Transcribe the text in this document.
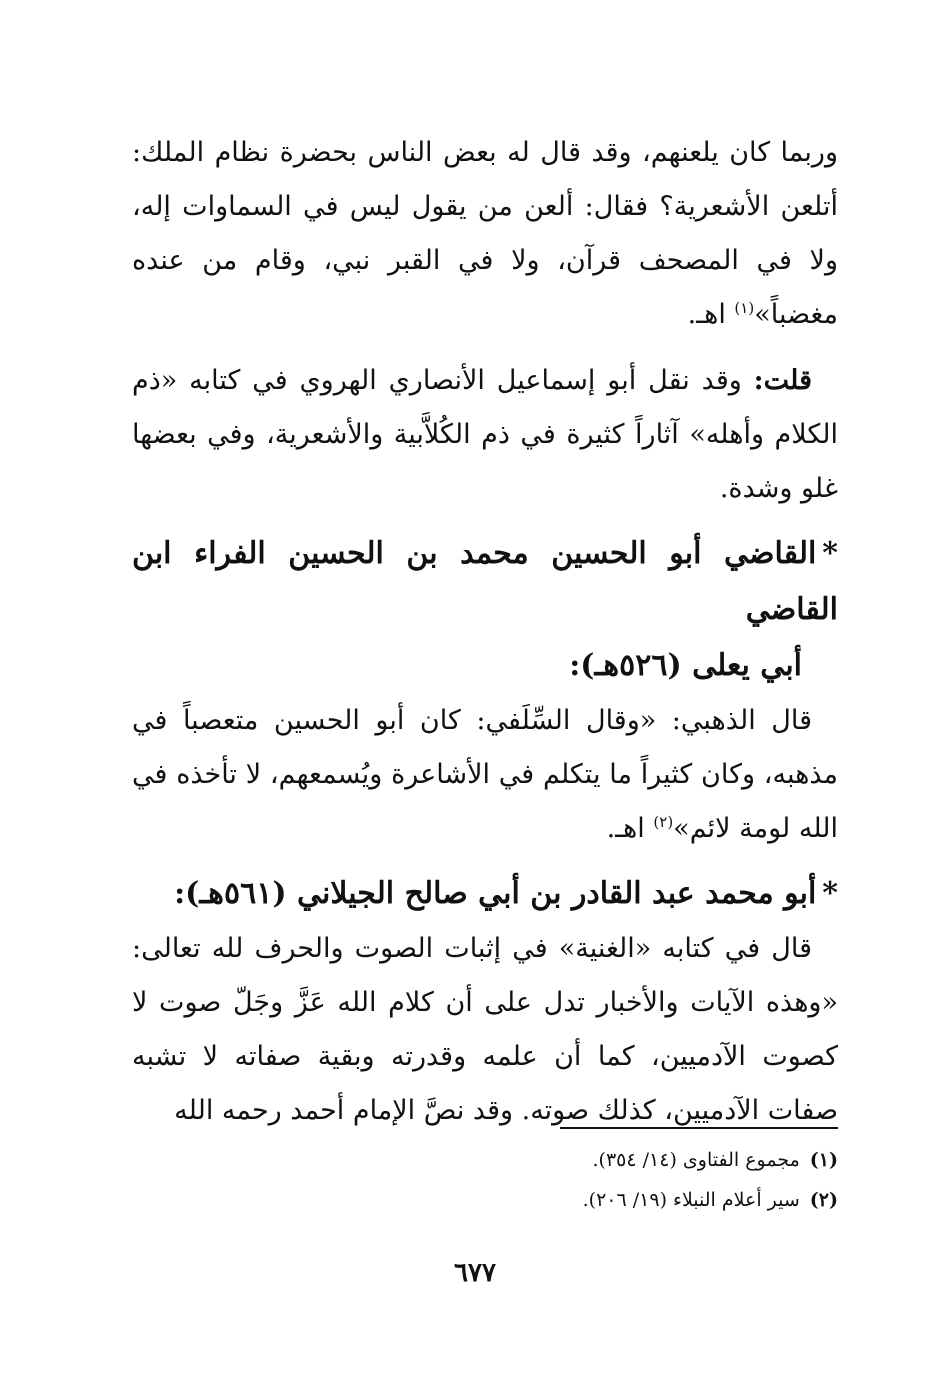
وربما كان يلعنهم، وقد قال له بعض الناس بحضرة نظام الملك: أتلعن الأشعرية؟ فقال: ألعن من يقول ليس في السماوات إله، ولا في المصحف قرآن، ولا في القبر نبي، وقام من عنده مغضباً»$^{(١)}$ اهـ.

قلت: وقد نقل أبو إسماعيل الأنصاري الهروي في كتابه «ذم الكلام وأهله» آثاراً كثيرة في ذم الكُلاَّبية والأشعرية، وفي بعضها غلو وشدة.

*القاضي أبو الحسين محمد بن الحسين الفراء ابن القاضي
أبي يعلى (٥٢٦هـ):

قال الذهبي: «وقال السِّلَفي: كان أبو الحسين متعصباً في مذهبه، وكان كثيراً ما يتكلم في الأشاعرة ويُسمعهم، لا تأخذه في الله لومة لائم»$^{(٢)}$ اهـ.

*أبو محمد عبد القادر بن أبي صالح الجيلاني (٥٦١هـ):

قال في كتابه «الغنية» في إثبات الصوت والحرف لله تعالى: «وهذه الآيات والأخبار تدل على أن كلام الله عَزَّ وجَلّ صوت لا كصوت الآدميين، كما أن علمه وقدرته وبقية صفاته لا تشبه صفات الآدميين، كذلك صوته. وقد نصَّ الإمام أحمد رحمه الله

(١)مجموع الفتاوى (١٤/ ٣٥٤).

(٢)سير أعلام النبلاء (١٩/ ٢٠٦).

٦٧٧
